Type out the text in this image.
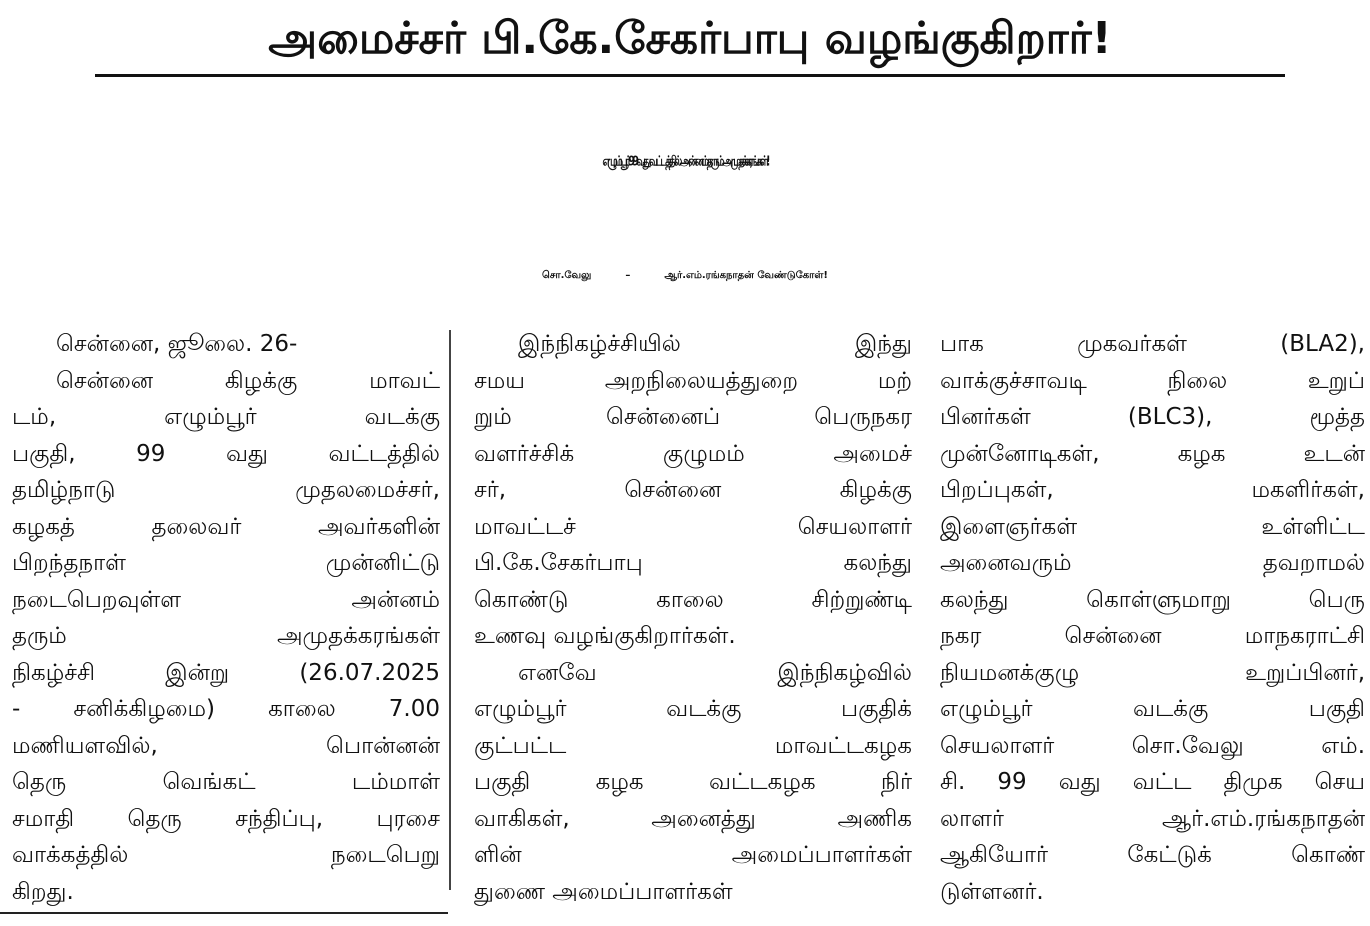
அமைச்சர் பி.கே.சேகர்பாபு வழங்குகிறார்!
எழும்பூர் 99வது வட்டத்தில் அன்னம் தரும் அமுதக்கரங்கள்!
சொ.வேலு	–	ஆர்.எம்.ரங்கநாதன் வேண்டுகோள்!
சென்னை, ஜூலை. 26-
சென்னை கிழக்கு மாவட்
டம், எழும்பூர் வடக்கு
பகுதி, 99 வது வட்டத்தில்
தமிழ்நாடு முதலமைச்சர்,
கழகத் தலைவர் அவர்களின்
பிறந்தநாள் முன்னிட்டு
நடைபெறவுள்ள அன்னம்
தரும் அமுதக்கரங்கள்
நிகழ்ச்சி இன்று (26.07.2025
- சனிக்கிழமை) காலை 7.00
மணியளவில், பொன்னன்
தெரு வெங்கட் டம்மாள்
சமாதி தெரு சந்திப்பு, புரசை
வாக்கத்தில் நடைபெறு
கிறது.
இந்நிகழ்ச்சியில் இந்து
சமய அறநிலையத்துறை மற்
றும் சென்னைப் பெருநகர
வளர்ச்சிக் குழுமம் அமைச்
சர், சென்னை கிழக்கு
மாவட்டச் செயலாளர்
பி.கே.சேகர்பாபு கலந்து
கொண்டு காலை சிற்றுண்டி
உணவு வழங்குகிறார்கள்.
எனவே இந்நிகழ்வில்
எழும்பூர் வடக்கு பகுதிக்
குட்பட்ட மாவட்டகழக
பகுதி கழக வட்டகழக நிர்
வாகிகள், அனைத்து அணிக
ளின் அமைப்பாளர்கள்
துணை அமைப்பாளர்கள்
பாக முகவர்கள் (BLA2),
வாக்குச்சாவடி நிலை உறுப்
பினர்கள் (BLC3), மூத்த
முன்னோடிகள், கழக உடன்
பிறப்புகள், மகளிர்கள்,
இளைஞர்கள் உள்ளிட்ட
அனைவரும் தவறாமல்
கலந்து கொள்ளுமாறு பெரு
நகர சென்னை மாநகராட்சி
நியமனக்குழு உறுப்பினர்,
எழும்பூர் வடக்கு பகுதி
செயலாளர் சொ.வேலு எம்.
சி. 99 வது வட்ட திமுக செய
லாளர் ஆர்.எம்.ரங்கநாதன்
ஆகியோர் கேட்டுக் கொண்
டுள்ளனர்.
